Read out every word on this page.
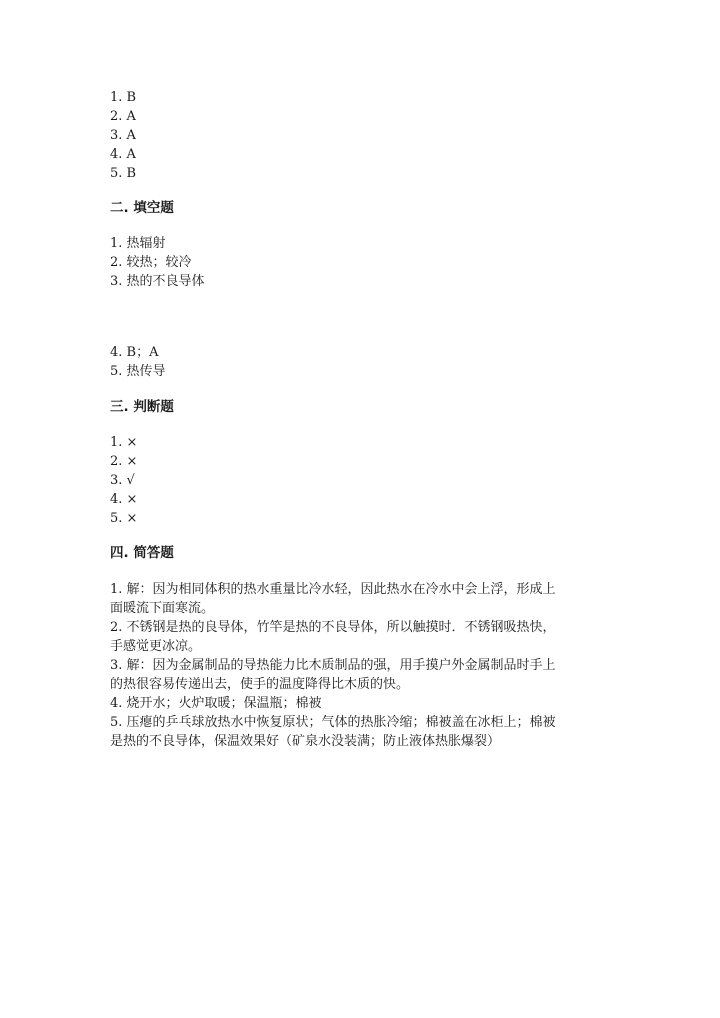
1. B
2. A
3. A
4. A
5. B
二. 填空题
1. 热辐射
2. 较热；较冷
3. 热的不良导体
4. B；A
5. 热传导
三. 判断题
1. ×
2. ×
3. √
4. ×
5. ×
四. 简答题
1. 解：因为相同体积的热水重量比冷水轻，因此热水在冷水中会上浮，形成上
面暖流下面寒流。
2. 不锈钢是热的良导体，竹竿是热的不良导体，所以触摸时．不锈钢吸热快，
手感觉更冰凉。
3. 解：因为金属制品的导热能力比木质制品的强，用手摸户外金属制品时手上
的热很容易传递出去，使手的温度降得比木质的快。
4. 烧开水；火炉取暖；保温瓶；棉被
5. 压瘪的乒乓球放热水中恢复原状；气体的热胀冷缩；棉被盖在冰柜上；棉被
是热的不良导体，保温效果好（矿泉水没装满；防止液体热胀爆裂）
